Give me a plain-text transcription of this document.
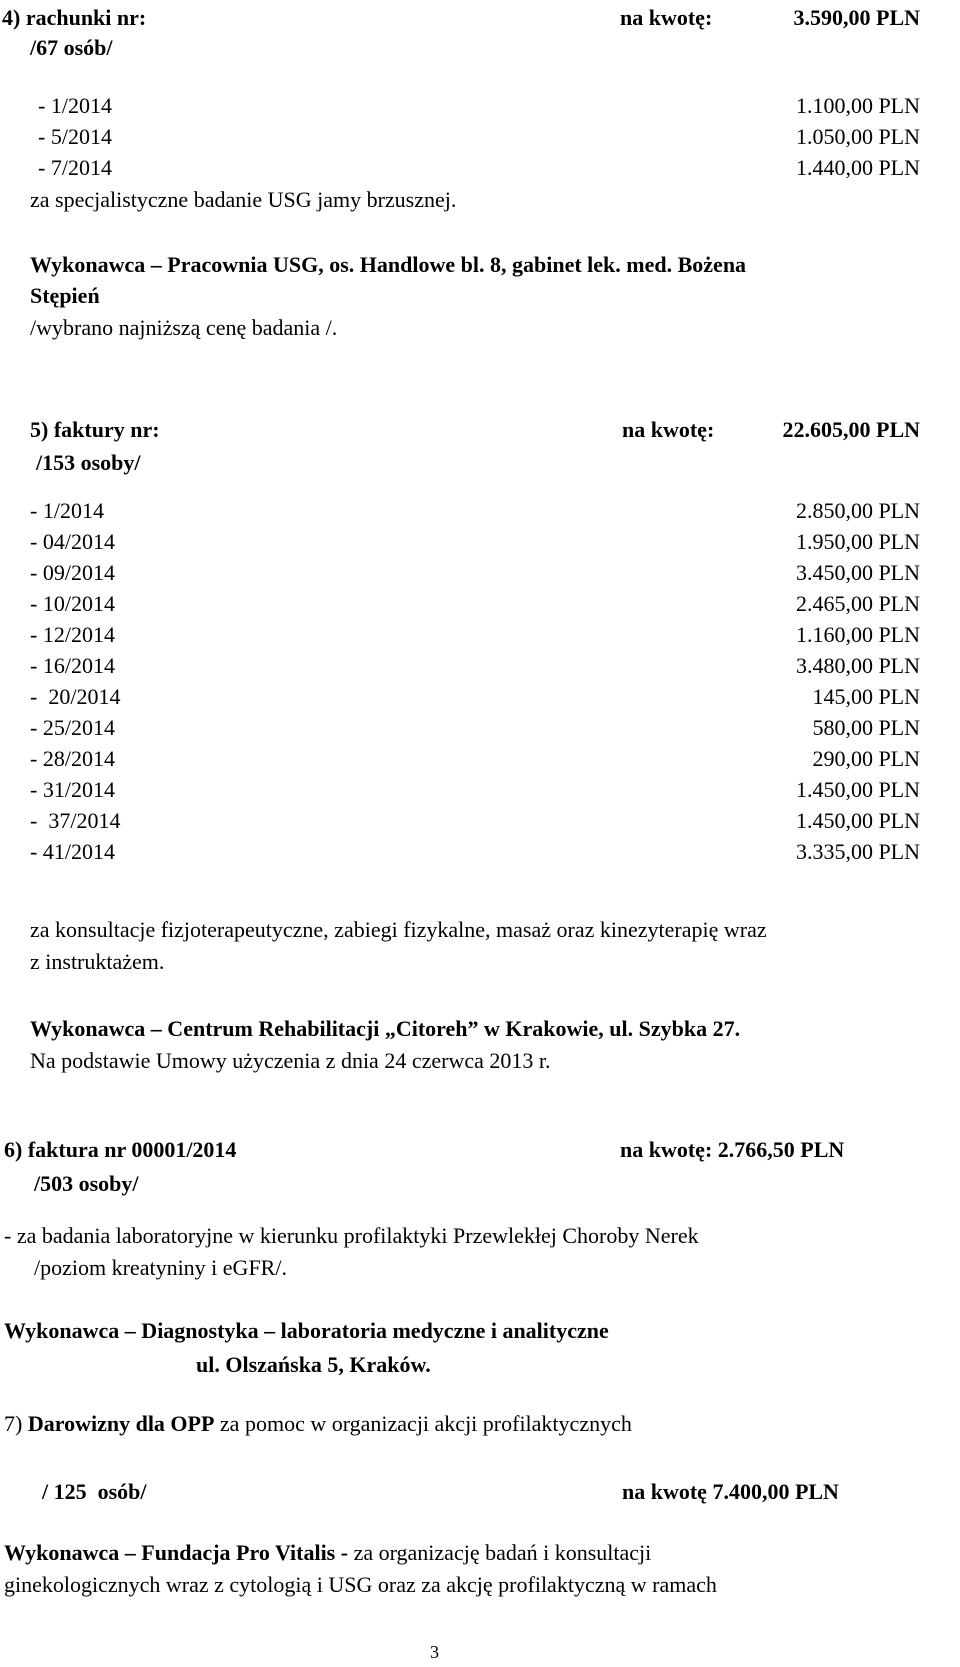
4) rachunki nr:	na kwotę:	3.590,00 PLN
/67 osób/
- 1/2014	1.100,00 PLN
- 5/2014	1.050,00 PLN
- 7/2014	1.440,00 PLN
za specjalistyczne badanie USG jamy brzusznej.
Wykonawca – Pracownia USG, os. Handlowe bl. 8, gabinet lek. med. Bożena
Stępień
/wybrano najniższą cenę badania /.
5) faktury nr:	na kwotę:	22.605,00 PLN
/153 osoby/
- 1/2014	2.850,00 PLN
- 04/2014	1.950,00 PLN
- 09/2014	3.450,00 PLN
- 10/2014	2.465,00 PLN
- 12/2014	1.160,00 PLN
- 16/2014	3.480,00 PLN
-  20/2014	145,00 PLN
- 25/2014	580,00 PLN
- 28/2014	290,00 PLN
- 31/2014	1.450,00 PLN
-  37/2014	1.450,00 PLN
- 41/2014	3.335,00 PLN
za konsultacje fizjoterapeutyczne, zabiegi fizykalne, masaż oraz kinezyterapię wraz
z instruktażem.
Wykonawca – Centrum Rehabilitacji „Citoreh” w Krakowie, ul. Szybka 27.
Na podstawie Umowy użyczenia z dnia 24 czerwca 2013 r.
6) faktura nr 00001/2014	na kwotę: 2.766,50 PLN
/503 osoby/
- za badania laboratoryjne w kierunku profilaktyki Przewlekłej Choroby Nerek
/poziom kreatyniny i eGFR/.
Wykonawca – Diagnostyka – laboratoria medyczne i analityczne
ul. Olszańska 5, Kraków.
7) Darowizny dla OPP za pomoc w organizacji akcji profilaktycznych
/ 125  osób/	na kwotę 7.400,00 PLN
Wykonawca – Fundacja Pro Vitalis - za organizację badań i konsultacji
ginekologicznych wraz z cytologią i USG oraz za akcję profilaktyczną w ramach
3
